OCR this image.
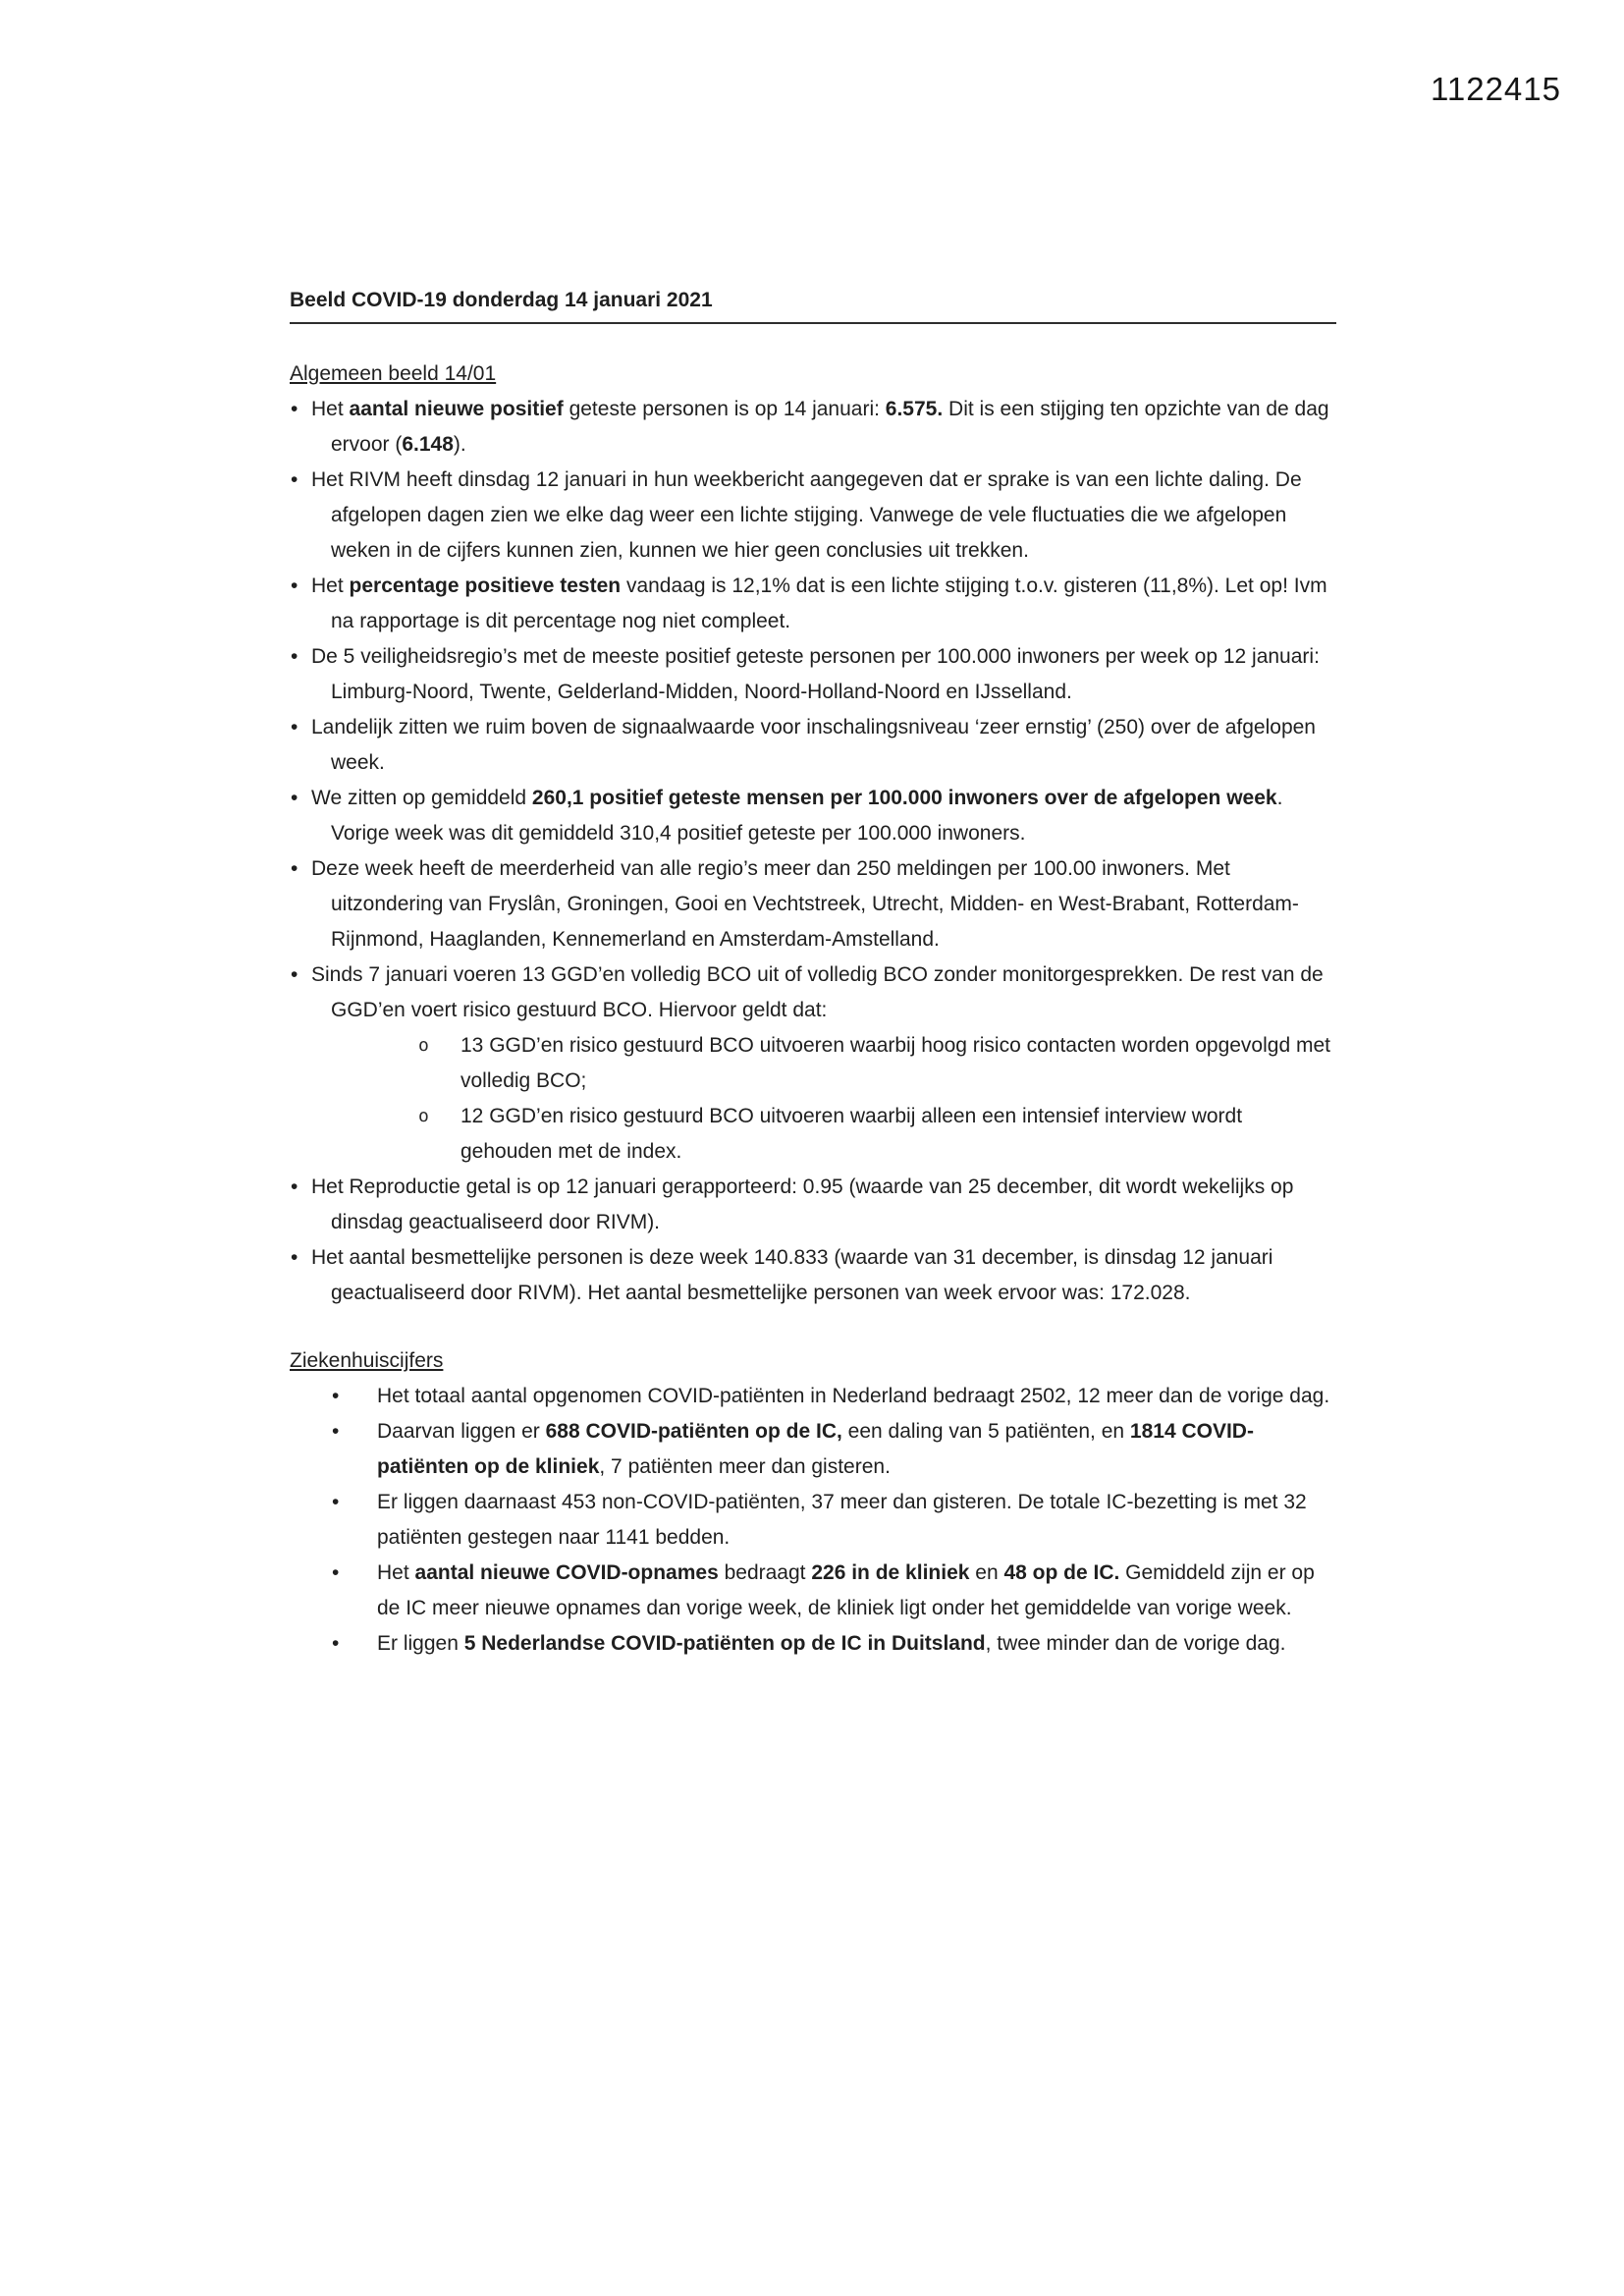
1122415
Beeld COVID-19 donderdag 14 januari 2021
Algemeen beeld 14/01
• Het aantal nieuwe positief geteste personen is op 14 januari: 6.575. Dit is een stijging ten opzichte van de dag ervoor (6.148).
• Het RIVM heeft dinsdag 12 januari in hun weekbericht aangegeven dat er sprake is van een lichte daling. De afgelopen dagen zien we elke dag weer een lichte stijging. Vanwege de vele fluctuaties die we afgelopen weken in de cijfers kunnen zien, kunnen we hier geen conclusies uit trekken.
• Het percentage positieve testen vandaag is 12,1% dat is een lichte stijging t.o.v. gisteren (11,8%). Let op! Ivm na rapportage is dit percentage nog niet compleet.
• De 5 veiligheidsregio’s met de meeste positief geteste personen per 100.000 inwoners per week op 12 januari: Limburg-Noord, Twente, Gelderland-Midden, Noord-Holland-Noord en IJsselland.
• Landelijk zitten we ruim boven de signaalwaarde voor inschalingsniveau ‘zeer ernstig’ (250) over de afgelopen week.
• We zitten op gemiddeld 260,1 positief geteste mensen per 100.000 inwoners over de afgelopen week. Vorige week was dit gemiddeld 310,4 positief geteste per 100.000 inwoners.
• Deze week heeft de meerderheid van alle regio’s meer dan 250 meldingen per 100.00 inwoners. Met uitzondering van Fryslân, Groningen, Gooi en Vechtstreek, Utrecht, Midden- en West-Brabant, Rotterdam-Rijnmond, Haaglanden, Kennemerland en Amsterdam-Amstelland.
• Sinds 7 januari voeren 13 GGD’en volledig BCO uit of volledig BCO zonder monitorgesprekken. De rest van de GGD’en voert risico gestuurd BCO. Hiervoor geldt dat:
o 13 GGD’en risico gestuurd BCO uitvoeren waarbij hoog risico contacten worden opgevolgd met volledig BCO;
o 12 GGD’en risico gestuurd BCO uitvoeren waarbij alleen een intensief interview wordt gehouden met de index.
• Het Reproductie getal is op 12 januari gerapporteerd: 0.95 (waarde van 25 december, dit wordt wekelijks op dinsdag geactualiseerd door RIVM).
• Het aantal besmettelijke personen is deze week 140.833 (waarde van 31 december, is dinsdag 12 januari geactualiseerd door RIVM). Het aantal besmettelijke personen van week ervoor was: 172.028.
Ziekenhuiscijfers
• Het totaal aantal opgenomen COVID-patiënten in Nederland bedraagt 2502, 12 meer dan de vorige dag.
• Daarvan liggen er 688 COVID-patiënten op de IC, een daling van 5 patiënten, en 1814 COVID-patiënten op de kliniek, 7 patiënten meer dan gisteren.
• Er liggen daarnaast 453 non-COVID-patiënten, 37 meer dan gisteren. De totale IC-bezetting is met 32 patiënten gestegen naar 1141 bedden.
• Het aantal nieuwe COVID-opnames bedraagt 226 in de kliniek en 48 op de IC. Gemiddeld zijn er op de IC meer nieuwe opnames dan vorige week, de kliniek ligt onder het gemiddelde van vorige week.
• Er liggen 5 Nederlandse COVID-patiënten op de IC in Duitsland, twee minder dan de vorige dag.
